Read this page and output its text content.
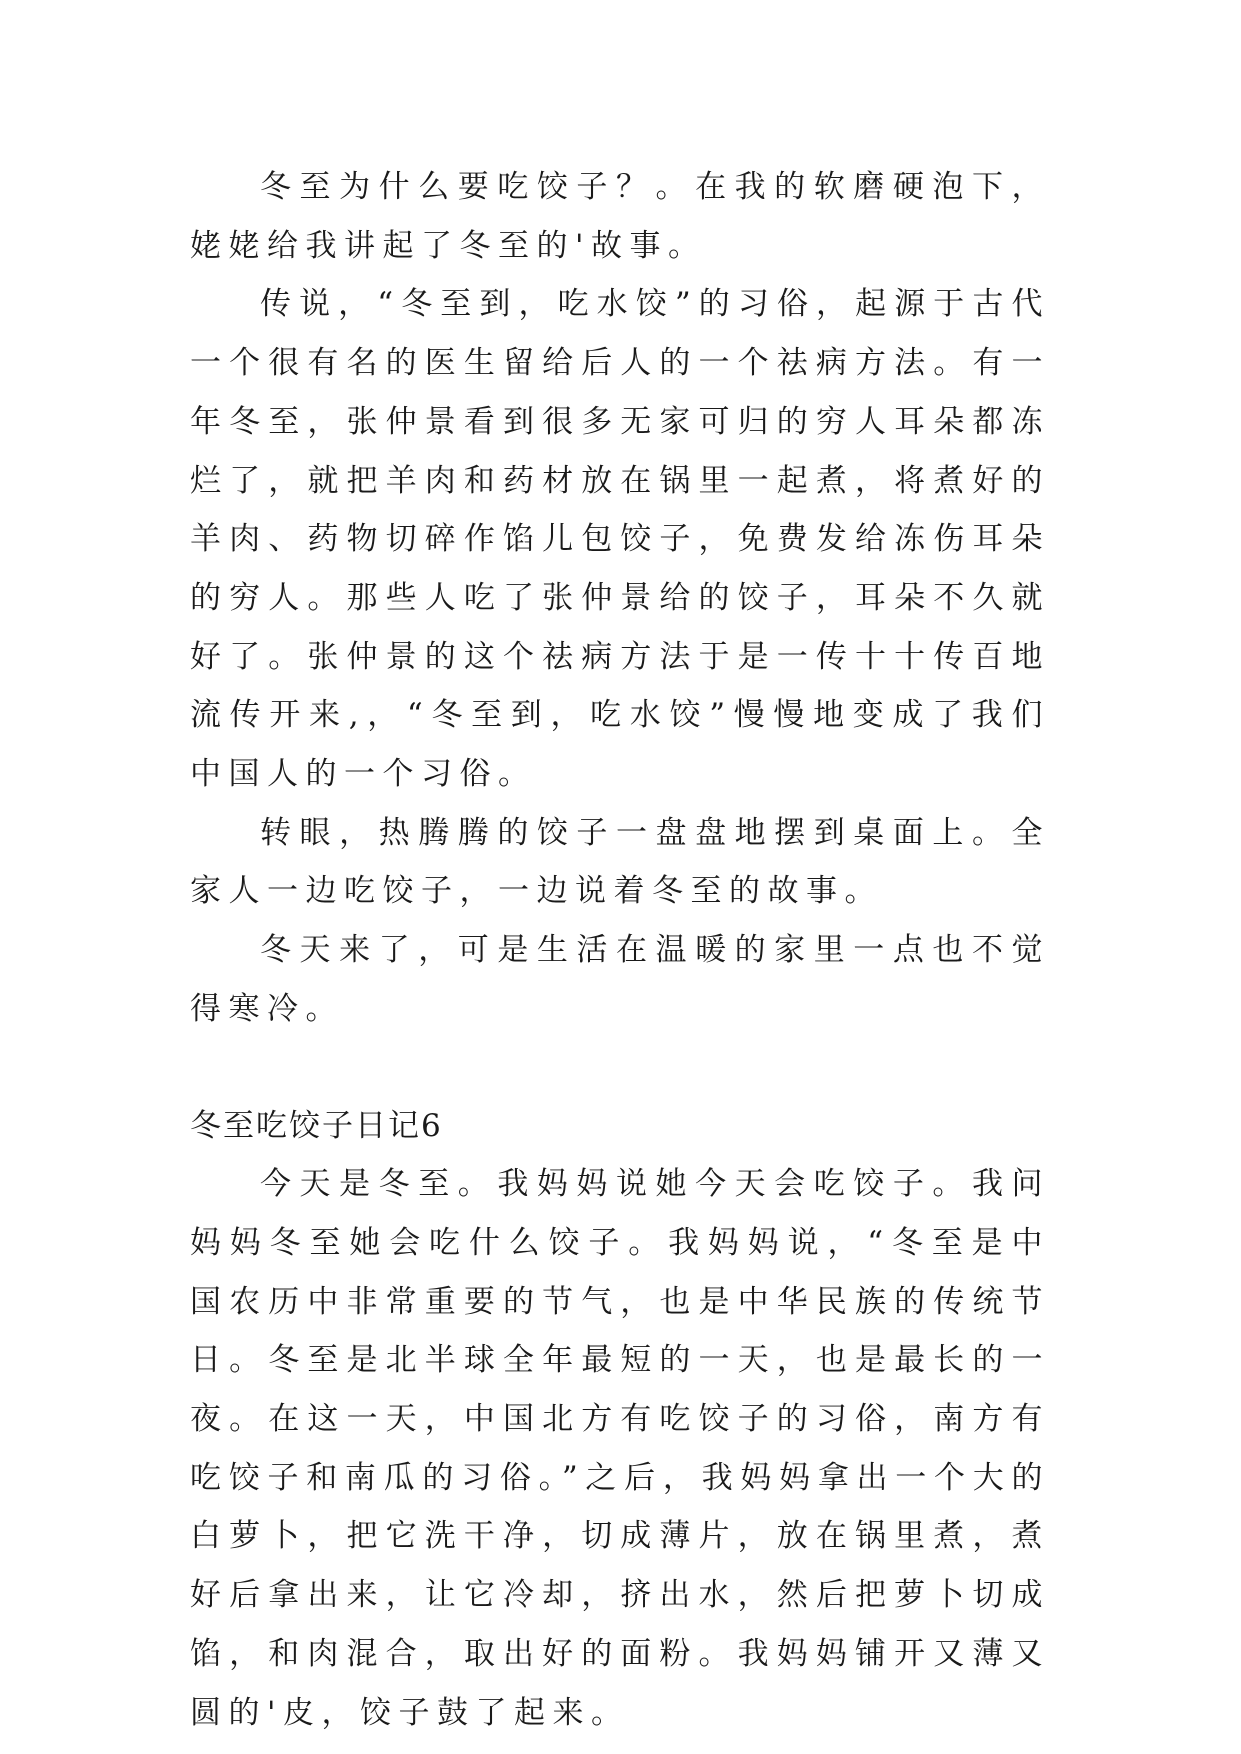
冬至为什么要吃饺子？。在我的软磨硬泡下，姥姥给我讲起了冬至的'故事。

传说，“冬至到，吃水饺”的习俗，起源于古代一个很有名的医生留给后人的一个祛病方法。有一年冬至，张仲景看到很多无家可归的穷人耳朵都冻烂了，就把羊肉和药材放在锅里一起煮，将煮好的羊肉、药物切碎作馅儿包饺子，免费发给冻伤耳朵的穷人。那些人吃了张仲景给的饺子，耳朵不久就好了。张仲景的这个祛病方法于是一传十十传百地流传开来,，“冬至到，吃水饺”慢慢地变成了我们中国人的一个习俗。

转眼，热腾腾的饺子一盘盘地摆到桌面上。全家人一边吃饺子，一边说着冬至的故事。

冬天来了，可是生活在温暖的家里一点也不觉得寒冷。

冬至吃饺子日记6

今天是冬至。我妈妈说她今天会吃饺子。我问妈妈冬至她会吃什么饺子。我妈妈说，“冬至是中国农历中非常重要的节气，也是中华民族的传统节日。冬至是北半球全年最短的一天，也是最长的一夜。在这一天，中国北方有吃饺子的习俗，南方有吃饺子和南瓜的习俗。”之后，我妈妈拿出一个大的白萝卜，把它洗干净，切成薄片，放在锅里煮，煮好后拿出来，让它冷却，挤出水，然后把萝卜切成馅，和肉混合，取出好的面粉。我妈妈铺开又薄又圆的'皮，饺子鼓了起来。
